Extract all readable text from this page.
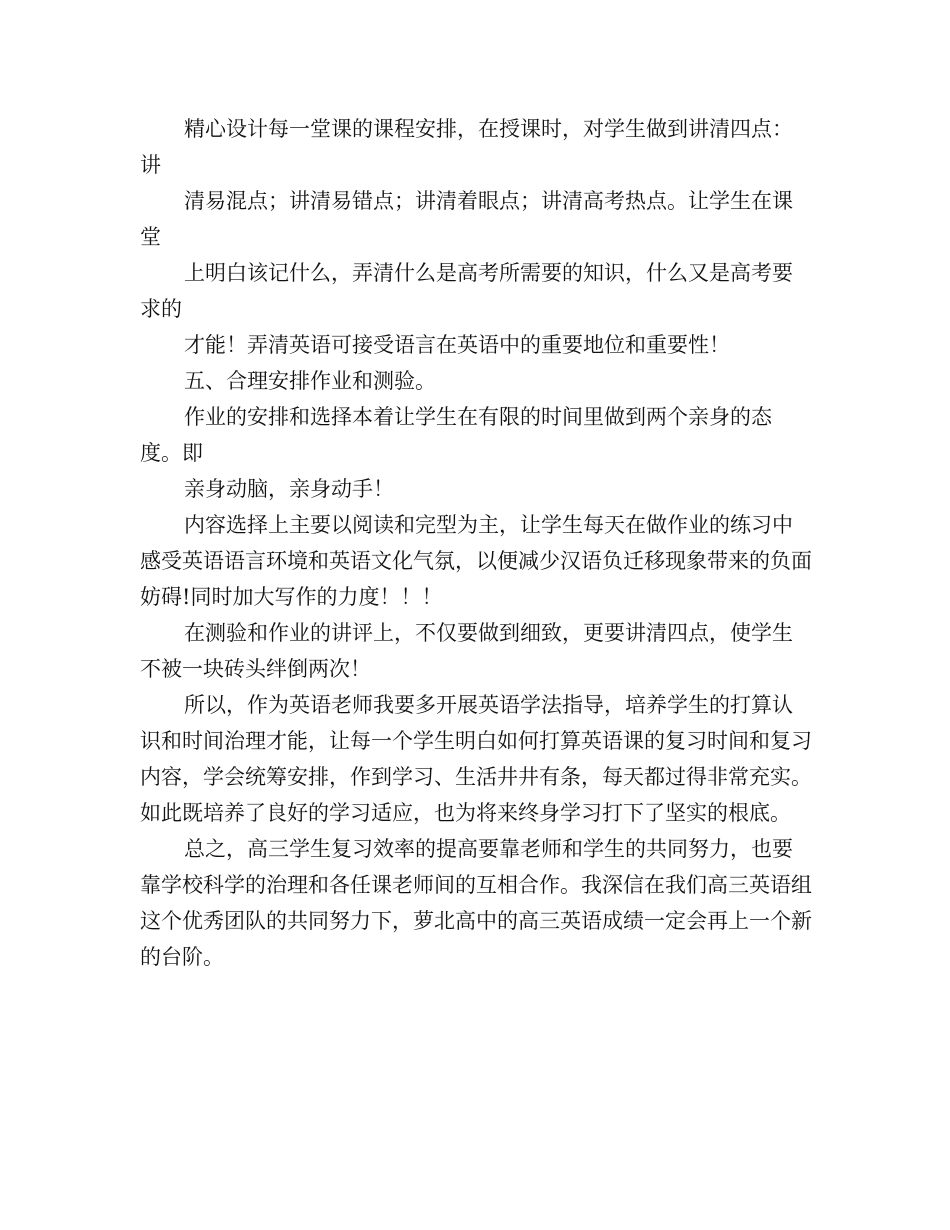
精心设计每一堂课的课程安排，在授课时，对学生做到讲清四点：讲

清易混点；讲清易错点；讲清着眼点；讲清高考热点。让学生在课堂

上明白该记什么，弄清什么是高考所需要的知识，什么又是高考要求的

才能！弄清英语可接受语言在英语中的重要地位和重要性！

五、合理安排作业和测验。

作业的安排和选择本着让学生在有限的时间里做到两个亲身的态度。即

亲身动脑，亲身动手！

内容选择上主要以阅读和完型为主，让学生每天在做作业的练习中感受英语语言环境和英语文化气氛，以便减少汉语负迁移现象带来的负面妨碍!同时加大写作的力度！！！

在测验和作业的讲评上，不仅要做到细致，更要讲清四点，使学生不被一块砖头绊倒两次！

所以，作为英语老师我要多开展英语学法指导，培养学生的打算认识和时间治理才能，让每一个学生明白如何打算英语课的复习时间和复习内容，学会统筹安排，作到学习、生活井井有条，每天都过得非常充实。如此既培养了良好的学习适应，也为将来终身学习打下了坚实的根底。

总之，高三学生复习效率的提高要靠老师和学生的共同努力，也要靠学校科学的治理和各任课老师间的互相合作。我深信在我们高三英语组这个优秀团队的共同努力下，萝北高中的高三英语成绩一定会再上一个新的台阶。
